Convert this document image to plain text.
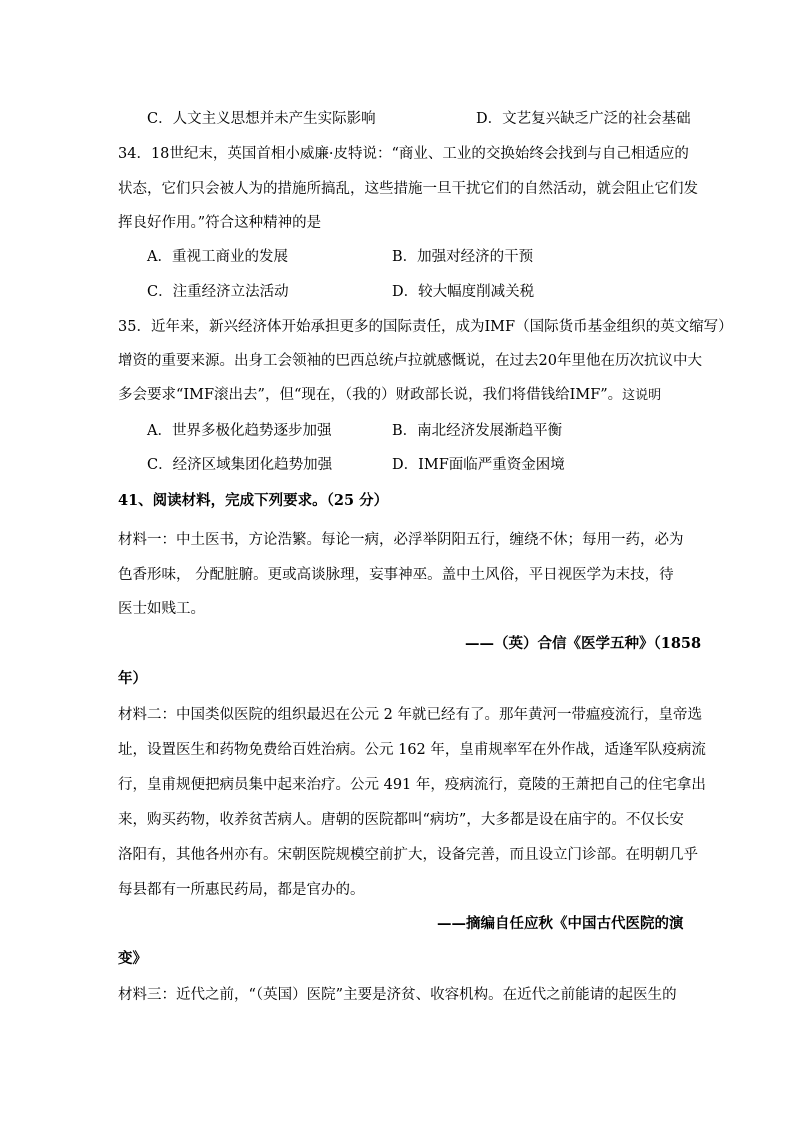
C．人文主义思想并未产生实际影响	D．文艺复兴缺乏广泛的社会基础
34．18世纪末，英国首相小威廉·皮特说：“商业、工业的交换始终会找到与自己相适应的
状态，它们只会被人为的措施所搞乱，这些措施一旦干扰它们的自然活动，就会阻止它们发
挥良好作用。”符合这种精神的是
A．重视工商业的发展	B．加强对经济的干预
C．注重经济立法活动	D．较大幅度削减关税
35．近年来，新兴经济体开始承担更多的国际责任，成为IMF（国际货币基金组织的英文缩写）
增资的重要来源。出身工会领袖的巴西总统卢拉就感慨说，在过去20年里他在历次抗议中大
多会要求“IMF滚出去”，但“现在，（我的）财政部长说，我们将借钱给IMF”。这说明
A．世界多极化趋势逐步加强	B．南北经济发展渐趋平衡
C．经济区域集团化趋势加强	D．IMF面临严重资金困境
41、阅读材料，完成下列要求。（25 分）
材料一：中土医书，方论浩繁。每论一病，必浮举阴阳五行，缠绕不休；每用一药，必为
色香形味， 分配脏腑。更或高谈脉理，妄事神巫。盖中土风俗，平日视医学为末技，待
医士如贱工。
——（英）合信《医学五种》（1858
年）
材料二：中国类似医院的组织最迟在公元 2 年就已经有了。那年黄河一带瘟疫流行，皇帝选
址，设置医生和药物免费给百姓治病。公元 162 年，皇甫规率军在外作战，适逢军队疫病流
行，皇甫规便把病员集中起来治疗。公元 491 年，疫病流行，竟陵的王萧把自己的住宅拿出
来，购买药物，收养贫苦病人。唐朝的医院都叫“病坊”，大多都是设在庙宇的。不仅长安
洛阳有，其他各州亦有。宋朝医院规模空前扩大，设备完善，而且设立门诊部。在明朝几乎
每县都有一所惠民药局，都是官办的。
——摘编自任应秋《中国古代医院的演
变》
材料三：近代之前，“（英国）医院”主要是济贫、收容机构。在近代之前能请的起医生的
